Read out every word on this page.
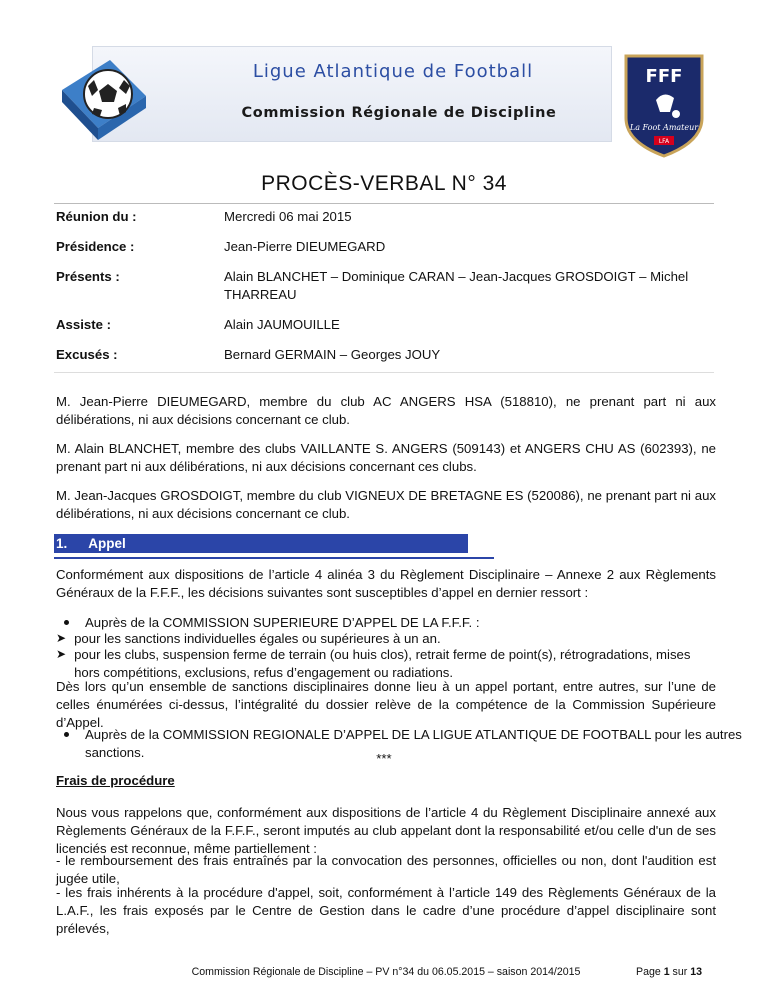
Ligue Atlantique de Football
Commission Régionale de Discipline
FFF
La Foot Amateur
LFA
PROCÈS-VERBAL N° 34
Réunion du :	Mercredi 06 mai 2015
Présidence :	Jean-Pierre DIEUMEGARD
Présents :	Alain BLANCHET – Dominique CARAN – Jean-Jacques GROSDOIGT – Michel
THARREAU
Assiste :	Alain JAUMOUILLE
Excusés :	Bernard GERMAIN – Georges JOUY
M. Jean-Pierre DIEUMEGARD, membre du club AC ANGERS HSA (518810), ne prenant part ni aux délibérations, ni aux décisions concernant ce club.
M. Alain BLANCHET, membre des clubs VAILLANTE S. ANGERS (509143) et ANGERS CHU AS (602393), ne prenant part ni aux délibérations, ni aux décisions concernant ces clubs.
M. Jean-Jacques GROSDOIGT, membre du club VIGNEUX DE BRETAGNE ES (520086), ne prenant part ni aux délibérations, ni aux décisions concernant ce club.
1. Appel
Conformément aux dispositions de l’article 4 alinéa 3 du Règlement Disciplinaire – Annexe 2 aux Règlements Généraux de la F.F.F., les décisions suivantes sont susceptibles d’appel en dernier ressort :
Auprès de la COMMISSION SUPERIEURE D’APPEL DE LA F.F.F. :
➤ pour les sanctions individuelles égales ou supérieures à un an.
➤ pour les clubs, suspension ferme de terrain (ou huis clos), retrait ferme de point(s), rétrogradations, mises
hors compétitions, exclusions, refus d’engagement ou radiations.
Dès lors qu’un ensemble de sanctions disciplinaires donne lieu à un appel portant, entre autres, sur l’une de celles énumérées ci-dessus, l’intégralité du dossier relève de la compétence de la Commission Supérieure d’Appel.
Auprès de la COMMISSION REGIONALE D’APPEL DE LA LIGUE ATLANTIQUE DE FOOTBALL pour les autres
sanctions.	***
Frais de procédure
Nous vous rappelons que, conformément aux dispositions de l’article 4 du Règlement Disciplinaire annexé aux Règlements Généraux de la F.F.F., seront imputés au club appelant dont la responsabilité et/ou celle d'un de ses licenciés est reconnue, même partiellement :
- le remboursement des frais entraînés par la convocation des personnes, officielles ou non, dont l'audition est jugée utile,
- les frais inhérents à la procédure d'appel, soit, conformément à l’article 149 des Règlements Généraux de la L.A.F., les frais exposés par le Centre de Gestion dans le cadre d’une procédure d’appel disciplinaire sont prélevés,
Commission Régionale de Discipline – PV n°34 du 06.05.2015 – saison 2014/2015	Page 1 sur 13
